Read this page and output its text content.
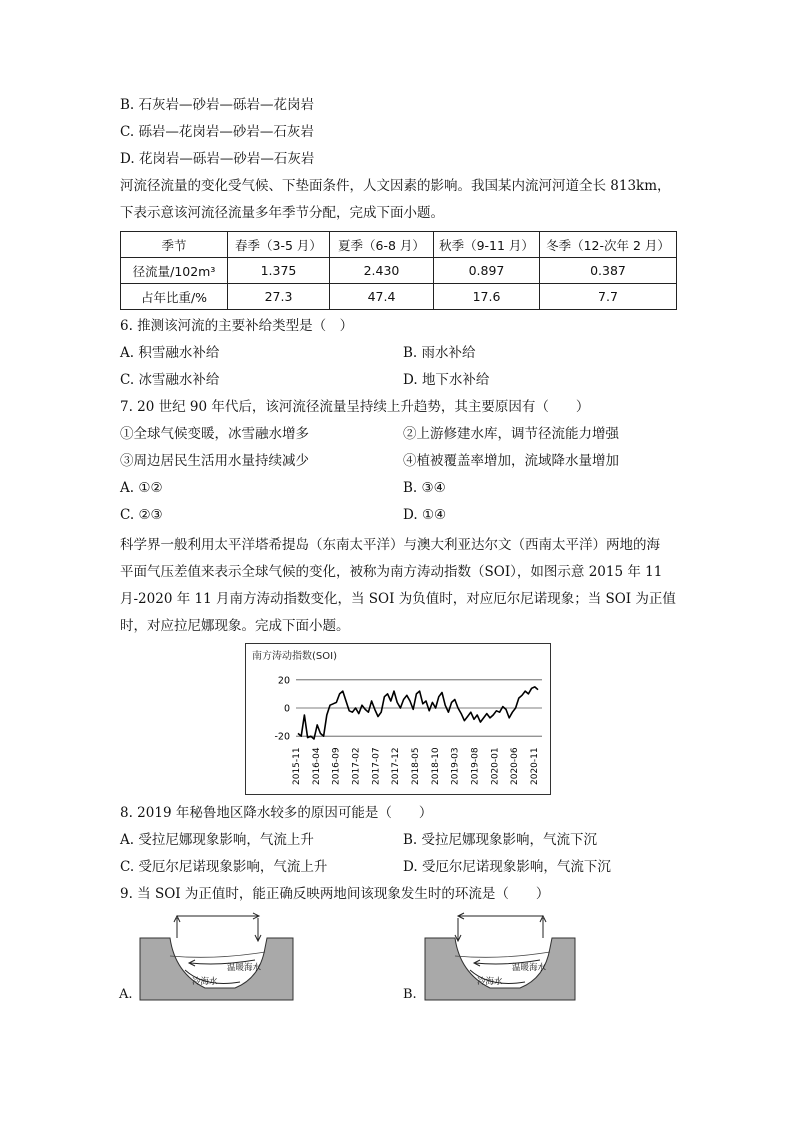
B. 石灰岩—砂岩—砾岩—花岗岩
C. 砾岩—花岗岩—砂岩—石灰岩
D. 花岗岩—砾岩—砂岩—石灰岩
河流径流量的变化受气候、下垫面条件，人文因素的影响。我国某内流河河道全长 813km，
下表示意该河流径流量多年季节分配，完成下面小题。
季节	春季（3-5 月）	夏季（6-8 月）	秋季（9-11 月）	冬季（12-次年 2 月）
径流量/102m³	1.375	2.430	0.897	0.387
占年比重/%	27.3	47.4	17.6	7.7
6. 推测该河流的主要补给类型是（　）
A. 积雪融水补给	B. 雨水补给
C. 冰雪融水补给	D. 地下水补给
7. 20 世纪 90 年代后，该河流径流量呈持续上升趋势，其主要原因有（　　）
①全球气候变暖，冰雪融水增多	②上游修建水库，调节径流能力增强
③周边居民生活用水量持续减少	④植被覆盖率增加，流域降水量增加
A. ①②	B. ③④
C. ②③	D. ①④
科学界一般利用太平洋塔希提岛（东南太平洋）与澳大利亚达尔文（西南太平洋）两地的海
平面气压差值来表示全球气候的变化，被称为南方涛动指数（SOI），如图示意 2015 年 11
月-2020 年 11 月南方涛动指数变化，当 SOI 为负值时，对应厄尔尼诺现象；当 SOI 为正值
时，对应拉尼娜现象。完成下面小题。
南方涛动指数(SOI)
20
0
-20
2015-11 2016-04 2016-09 2017-02 2017-07 2017-12 2018-05 2018-10 2019-03 2019-08 2020-01 2020-06 2020-11
8. 2019 年秘鲁地区降水较多的原因可能是（　　）
A. 受拉尼娜现象影响，气流上升	B. 受拉尼娜现象影响，气流下沉
C. 受厄尔尼诺现象影响，气流上升	D. 受厄尔尼诺现象影响，气流下沉
9. 当 SOI 为正值时，能正确反映两地间该现象发生时的环流是（　　）
A.
温暖海水
冷海水
B.
温暖海水
冷海水
